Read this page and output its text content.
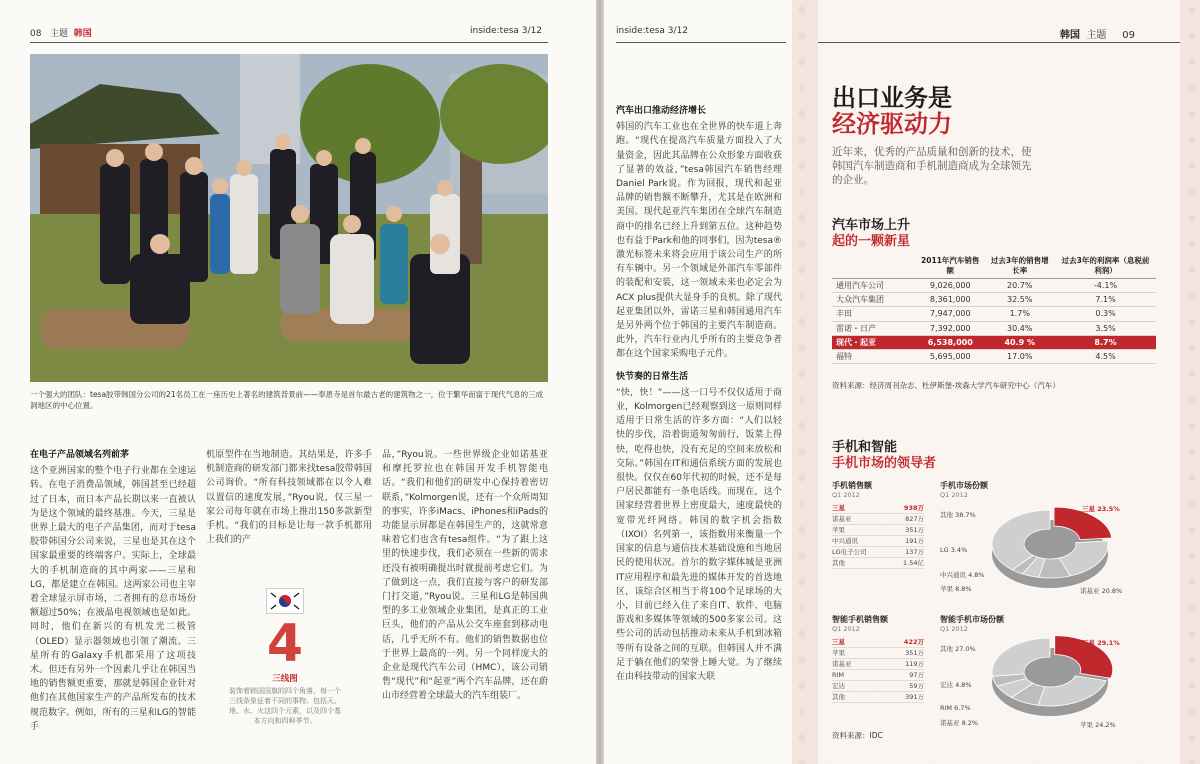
08 主题 韩国	inside:tesa 3/12
一个强大的团队：tesa胶带韩国分公司的21名员工在一座历史上著名的建筑背景前——奉恩寺是首尔最古老的建筑物之一，位于繁华而富于现代气息的三成洞地区的中心位置。
在电子产品领域名列前茅

这个亚洲国家的整个电子行业都在全速运转。在电子消费品领域，韩国甚至已经超过了日本，而日本产品长期以来一直被认为是这个领域的最终基准。今天，三星是世界上最大的电子产品集团，而对于tesa胶带韩国分公司来说，三星也是其在这个国家最重要的终端客户。实际上，全球最大的手机制造商的其中两家——三星和LG，都是建立在韩国。这两家公司也主宰着全球显示屏市场，二者拥有的总市场份额超过50%；在液晶电视领域也是如此。同时，他们在新兴的有机发光二极管（OLED）显示器领域也引领了潮流。三星所有的Galaxy手机都采用了这项技术。但还有另外一个因素几乎让在韩国当地的销售额更重要，那就是韩国企业针对他们在其他国家生产的产品所发布的技术规范数字。例如，所有的三星和LG的智能手

机原型件在当地制造。其结果是，许多手机制造商的研发部门都来找tesa胶带韩国公司询价。“所有科技领域都在以令人难以置信的速度发展，”Ryou说，仅三星一家公司每年就在市场上推出150多款新型手机。“我们的目标是让每一款手机都用上我们的产

品，”Ryou说。一些世界级企业如诺基亚和摩托罗拉也在韩国开发手机智能电话。“我们和他们的研发中心保持着密切联系，”Kolmorgen说，还有一个众所周知的事实，许多iMacs、iPhones和iPads的功能显示屏都是在韩国生产的，这就常意味着它们也含有tesa组件。“为了跟上这里的快速步伐，我们必须在一些新的需求还没有被明确提出时就提前考虑它们。为了做到这一点，我们直接与客户的研发部门打交道，”Ryou说。三星和LG是韩国典型的多工业领域企业集团，是真正的工业巨头，他们的产品从公交车座套到移动电话，几乎无所不有。他们的销售数据也位于世界上最高的一列。另一个同样庞大的企业是现代汽车公司（HMC），该公司销售“现代”和“起亚”两个汽车品牌，还在蔚山市经营着全球最大的汽车组装厂。

4
三线图
装饰着韩国国旗的四个角落，每一个三线条象征着不同的事物。包括天、地、水、火这四个元素，以及四个基本方向和四种季节。
inside:tesa 3/12
汽车出口推动经济增长

韩国的汽车工业也在全世界的快车道上奔跑。“现代在提高汽车质量方面投入了大量资金，因此其品牌在公众形象方面收获了显著的效益，”tesa韩国汽车销售经理Daniel Park说。作为回报，现代和起亚品牌的销售额不断攀升，尤其是在欧洲和美国。现代起亚汽车集团在全球汽车制造商中的排名已经上升到第五位。这种趋势也有益于Park和他的同事们，因为tesa®激光标签未来将会应用于该公司生产的所有车辆中。另一个领域是外部汽车零部件的装配和安装，这一领域未来也必定会为ACX plus提供大显身手的良机。除了现代起亚集团以外，雷诺三星和韩国通用汽车是另外两个位于韩国的主要汽车制造商。此外，汽车行业内几乎所有的主要竞争者都在这个国家采购电子元件。

快节奏的日常生活

“快，快！”——这一口号不仅仅适用于商业，Kolmorgen已经观察到这一原则同样适用于日常生活的许多方面：“人们以轻快的步伐，沿着街道匆匆前行，饭菜上得快，吃得也快，没有充足的空间来放松和交际。”韩国在IT和通信系统方面的发展也很快。仅仅在60年代初的时候，还不是每户居民都能有一条电话线。而现在，这个国家经营着世界上密度最大，速度最快的宽带光纤网络。韩国的数字机会指数（IXOI）名列第一，该指数用来衡量一个国家的信息与通信技术基础设施和当地居民的使用状况。首尔的数字媒体城是亚洲IT应用程序和最先进的媒体开发的首选地区，该综合区相当于将100个足球场的大小，目前已经入住了来自IT、软件、电脑游戏和多媒体等领域的500多家公司。这些公司的活动包括推动未来从手机到冰箱等所有设备之间的互联。但韩国人并不满足于躺在他们的荣誉上睡大觉。为了继续在由科技带动的国家大联

韩国 主题 09
出口业务是
经济驱动力
近年来，优秀的产品质量和创新的技术，使韩国汽车制造商和手机制造商成为全球领先的企业。
汽车市场上升
起的一颗新星
	2011年汽车销售额	过去3年的销售增长率	过去3年的利润率（息税前利润）
通用汽车公司	9,026,000	20.7%	-4.1%
大众汽车集团	8,361,000	32.5%	7.1%
丰田	7,947,000	1.7%	0.3%
雷诺・日产	7,392,000	30.4%	3.5%
现代・起亚	6,538,000	40.9 %	8.7%
福特	5,695,000	17.0%	4.5%
资料来源：经济周刊杂志、杜伊斯堡-埃森大学汽车研究中心（汽车）
手机和智能
手机市场的领导者
手机销售额
Q1 2012
三星	938万
诺基亚	827万
苹果	351万
中兴通讯	191万
LG电子公司	137万
其他	1.54亿
手机市场份额
Q1 2012
其他 38.7%
LG 3.4%
中兴通讯 4.8%
苹果 8.8%	诺基亚 20.8%
三星 23.5%
智能手机销售额
Q1 2012
三星	422万
苹果	351万
诺基亚	119万
RIM	97万
宏达	59万
其他	391万
智能手机市场份额
Q1 2012
其他 27.0%
宏达 4.8%
RIM 6.7%
诺基亚 8.2%	苹果 24.2%
三星 29.1%
资料来源：IDC
